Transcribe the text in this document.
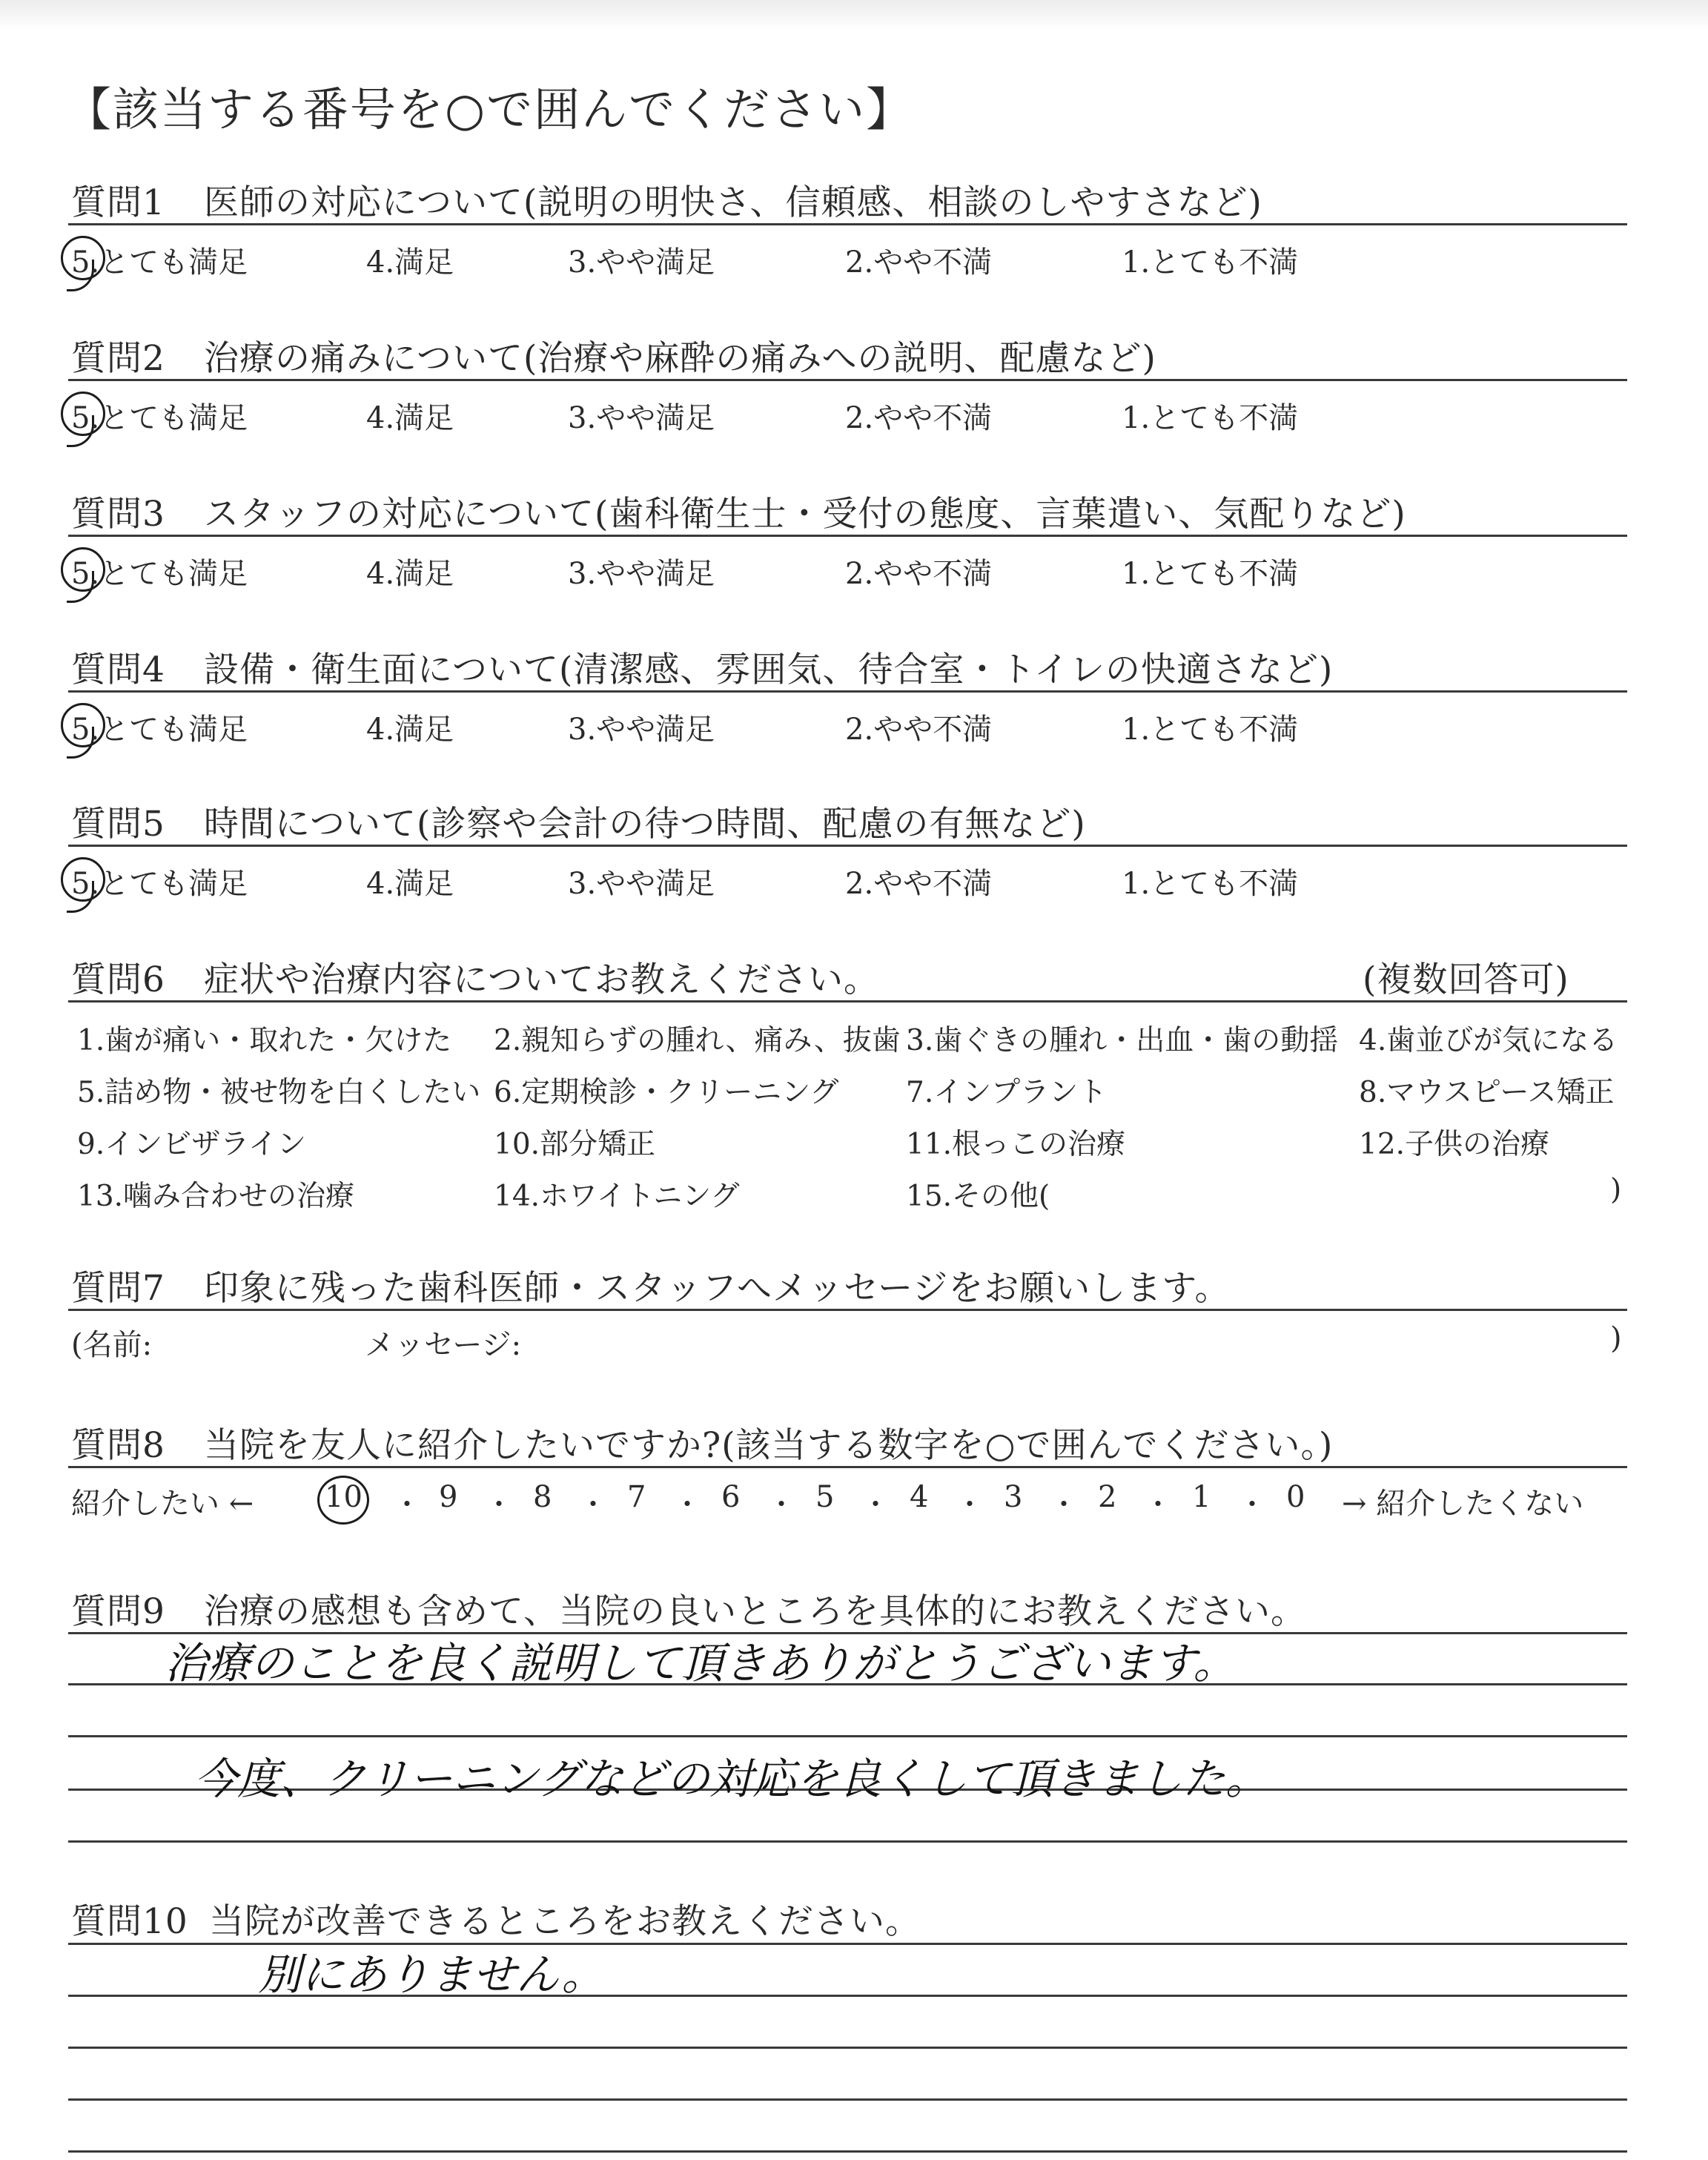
【該当する番号を○で囲んでください】
質問1 医師の対応について(説明の明快さ、信頼感、相談のしやすさなど)
5.とても満足	4.満足	3.やや満足	2.やや不満	1.とても不満
質問2 治療の痛みについて(治療や麻酔の痛みへの説明、配慮など)
5.とても満足	4.満足	3.やや満足	2.やや不満	1.とても不満
質問3 スタッフの対応について(歯科衛生士・受付の態度、言葉遣い、気配りなど)
5.とても満足	4.満足	3.やや満足	2.やや不満	1.とても不満
質問4 設備・衛生面について(清潔感、雰囲気、待合室・トイレの快適さなど)
5.とても満足	4.満足	3.やや満足	2.やや不満	1.とても不満
質問5 時間について(診察や会計の待つ時間、配慮の有無など)
5.とても満足	4.満足	3.やや満足	2.やや不満	1.とても不満
質問6 症状や治療内容についてお教えください。	(複数回答可)
1.歯が痛い・取れた・欠けた 2.親知らずの腫れ、痛み、抜歯 3.歯ぐきの腫れ・出血・歯の動揺 4.歯並びが気になる
5.詰め物・被せ物を白くしたい 6.定期検診・クリーニング 7.インプラント	8.マウスピース矯正
9.インビザライン	10.部分矯正	11.根っこの治療	12.子供の治療
13.噛み合わせの治療	14.ホワイトニング	15.その他(	)
質問7 印象に残った歯科医師・スタッフへメッセージをお願いします。
(名前:	メッセージ:	)
質問8 当院を友人に紹介したいですか?(該当する数字を○で囲んでください。)
紹介したい ← 10 ・ 9 ・ 8 ・ 7 ・ 6 ・ 5 ・ 4 ・ 3 ・ 2 ・ 1 ・ 0 → 紹介したくない
質問9 治療の感想も含めて、当院の良いところを具体的にお教えください。
治療のことを良く説明して頂きありがとうございます。
今度、クリーニングなどの対応を良くして頂きました。
質問10 当院が改善できるところをお教えください。
別にありません。
